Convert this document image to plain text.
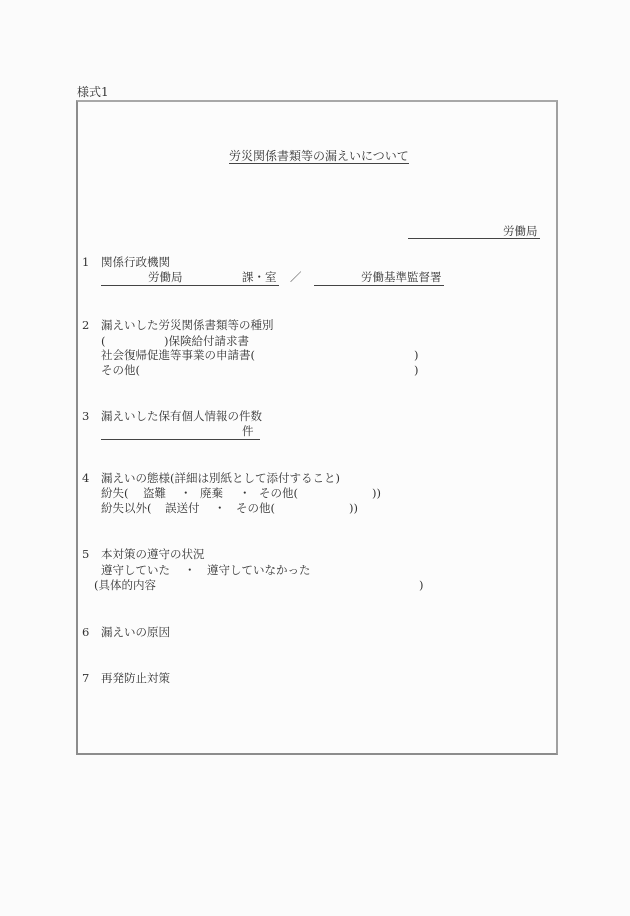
様式1
労災関係書類等の漏えいについて
労働局
1 関係行政機関
労働局	課・室 ／	労働基準監督署
2 漏えいした労災関係書類等の種別
(	)保険給付請求書
社会復帰促進等事業の申請書(	)
その他(	)
3 漏えいした保有個人情報の件数
件
4 漏えいの態様(詳細は別紙として添付すること)
紛失( 盗難 ・ 廃棄 ・ その他(	))
紛失以外( 誤送付 ・ その他(	))
5 本対策の遵守の状況
遵守していた ・ 遵守していなかった
(具体的内容	)
6 漏えいの原因
7 再発防止対策
